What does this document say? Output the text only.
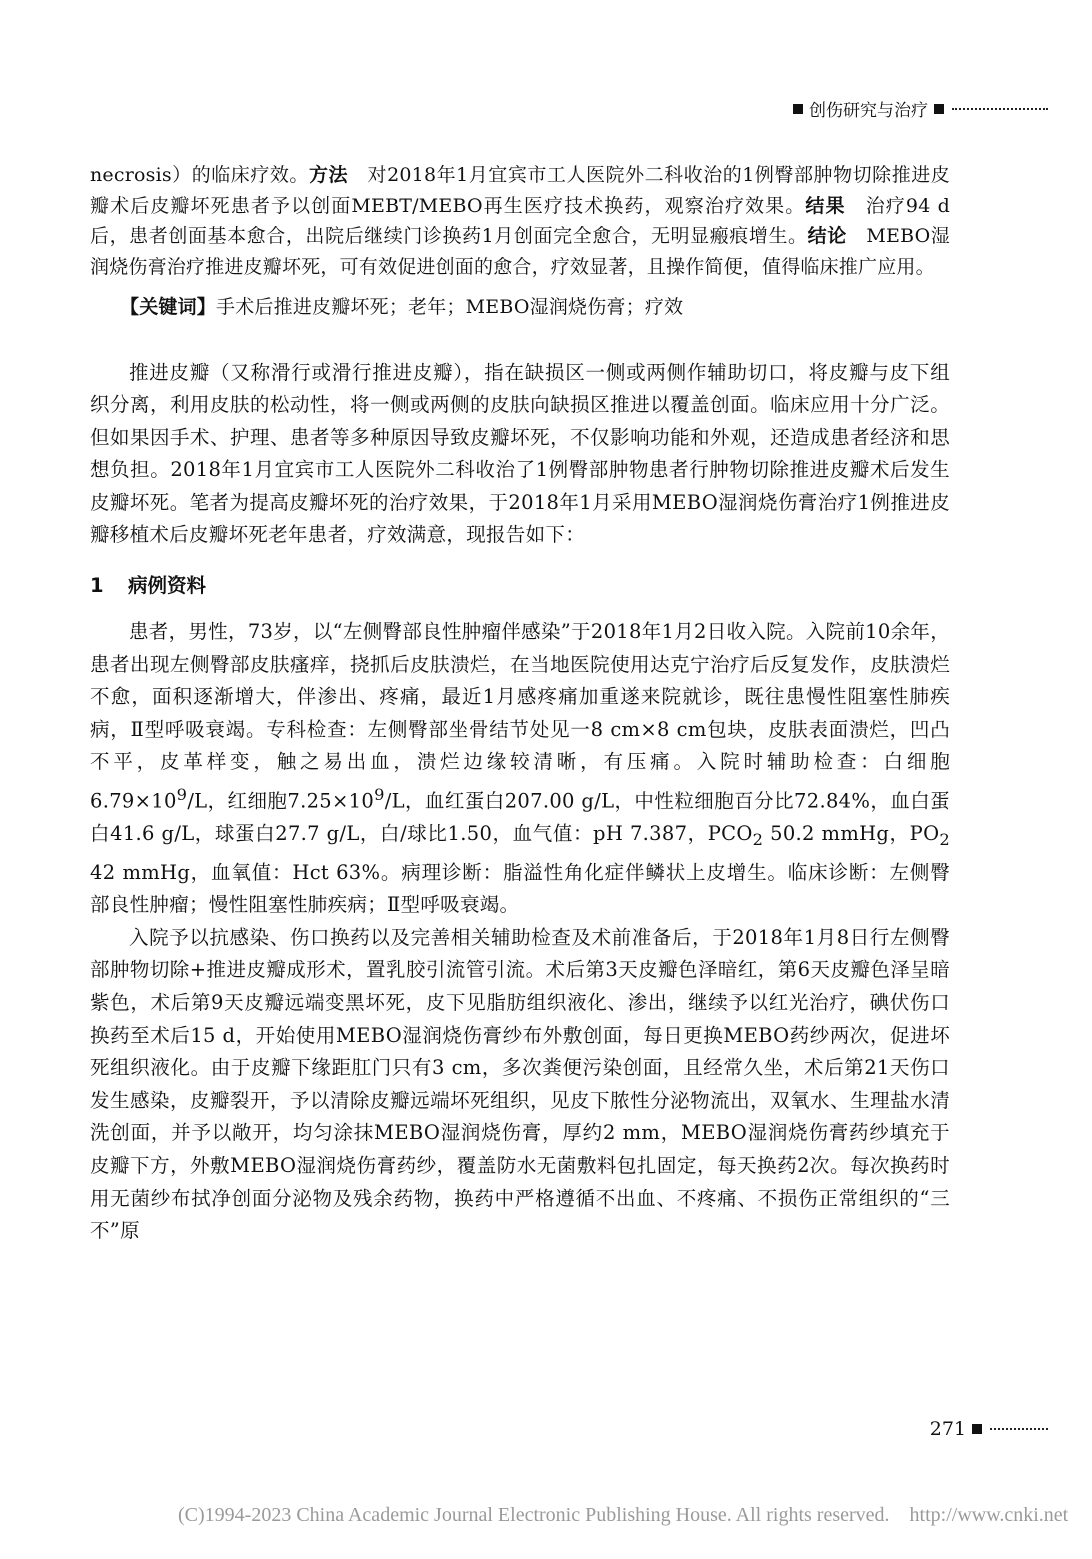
创伤研究与治疗

necrosis）的临床疗效。方法　对2018年1月宜宾市工人医院外二科收治的1例臀部肿物切除推进皮瓣术后皮瓣坏死患者予以创面MEBT/MEBO再生医疗技术换药，观察治疗效果。结果　治疗94 d后，患者创面基本愈合，出院后继续门诊换药1月创面完全愈合，无明显瘢痕增生。结论　MEBO湿润烧伤膏治疗推进皮瓣坏死，可有效促进创面的愈合，疗效显著，且操作简便，值得临床推广应用。

【关键词】手术后推进皮瓣坏死；老年；MEBO湿润烧伤膏；疗效

推进皮瓣（又称滑行或滑行推进皮瓣），指在缺损区一侧或两侧作辅助切口，将皮瓣与皮下组织分离，利用皮肤的松动性，将一侧或两侧的皮肤向缺损区推进以覆盖创面。临床应用十分广泛。但如果因手术、护理、患者等多种原因导致皮瓣坏死，不仅影响功能和外观，还造成患者经济和思想负担。2018年1月宜宾市工人医院外二科收治了1例臀部肿物患者行肿物切除推进皮瓣术后发生皮瓣坏死。笔者为提高皮瓣坏死的治疗效果，于2018年1月采用MEBO湿润烧伤膏治疗1例推进皮瓣移植术后皮瓣坏死老年患者，疗效满意，现报告如下：

1 病例资料

患者，男性，73岁，以“左侧臀部良性肿瘤伴感染”于2018年1月2日收入院。入院前10余年，患者出现左侧臀部皮肤瘙痒，挠抓后皮肤溃烂，在当地医院使用达克宁治疗后反复发作，皮肤溃烂不愈，面积逐渐增大，伴渗出、疼痛，最近1月感疼痛加重遂来院就诊，既往患慢性阻塞性肺疾病，Ⅱ型呼吸衰竭。专科检查：左侧臀部坐骨结节处见一8 cm×8 cm包块，皮肤表面溃烂，凹凸不平，皮革样变，触之易出血，溃烂边缘较清晰，有压痛。入院时辅助检查：白细胞$6.79\times 10^9/L$，红细胞$7.25\times 10^9/L$，血红蛋白207.00 g/L，中性粒细胞百分比72.84%，血白蛋白41.6 g/L，球蛋白27.7 g/L，白/球比1.50，血气值：pH 7.387，$PCO_2$ 50.2 mmHg，$PO_2$ 42 mmHg，血氧值：Hct 63%。病理诊断：脂溢性角化症伴鳞状上皮增生。临床诊断：左侧臀部良性肿瘤；慢性阻塞性肺疾病；Ⅱ型呼吸衰竭。

入院予以抗感染、伤口换药以及完善相关辅助检查及术前准备后，于2018年1月8日行左侧臀部肿物切除+推进皮瓣成形术，置乳胶引流管引流。术后第3天皮瓣色泽暗红，第6天皮瓣色泽呈暗紫色，术后第9天皮瓣远端变黑坏死，皮下见脂肪组织液化、渗出，继续予以红光治疗，碘伏伤口换药至术后15 d，开始使用MEBO湿润烧伤膏纱布外敷创面，每日更换MEBO药纱两次，促进坏死组织液化。由于皮瓣下缘距肛门只有3 cm，多次粪便污染创面，且经常久坐，术后第21天伤口发生感染，皮瓣裂开，予以清除皮瓣远端坏死组织，见皮下脓性分泌物流出，双氧水、生理盐水清洗创面，并予以敞开，均匀涂抹MEBO湿润烧伤膏，厚约2 mm，MEBO湿润烧伤膏药纱填充于皮瓣下方，外敷MEBO湿润烧伤膏药纱，覆盖防水无菌敷料包扎固定，每天换药2次。每次换药时用无菌纱布拭净创面分泌物及残余药物，换药中严格遵循不出血、不疼痛、不损伤正常组织的“三不”原

271
(C)1994-2023 China Academic Journal Electronic Publishing House. All rights reserved.　http://www.cnki.net
